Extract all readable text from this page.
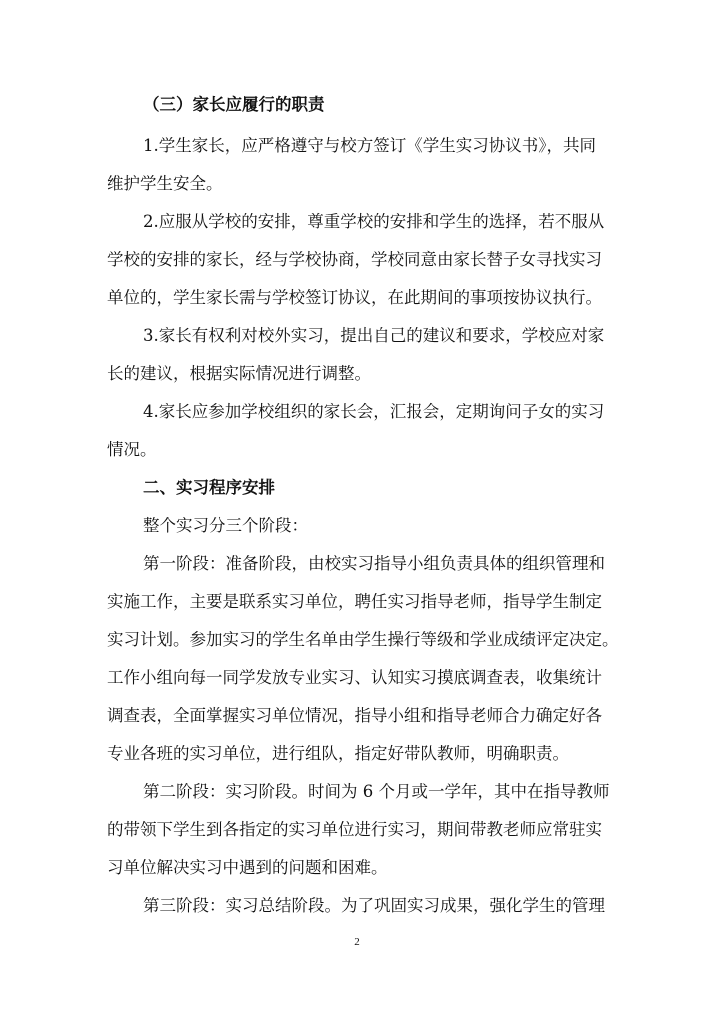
（三）家长应履行的职责
1.学生家长，应严格遵守与校方签订《学生实习协议书》，共同
维护学生安全。
2.应服从学校的安排，尊重学校的安排和学生的选择，若不服从
学校的安排的家长，经与学校协商，学校同意由家长替子女寻找实习
单位的，学生家长需与学校签订协议，在此期间的事项按协议执行。
3.家长有权利对校外实习，提出自己的建议和要求，学校应对家
长的建议，根据实际情况进行调整。
4.家长应参加学校组织的家长会，汇报会，定期询问子女的实习
情况。
二、实习程序安排
整个实习分三个阶段：
第一阶段：准备阶段，由校实习指导小组负责具体的组织管理和
实施工作，主要是联系实习单位，聘任实习指导老师，指导学生制定
实习计划。参加实习的学生名单由学生操行等级和学业成绩评定决定。
工作小组向每一同学发放专业实习、认知实习摸底调查表，收集统计
调查表，全面掌握实习单位情况，指导小组和指导老师合力确定好各
专业各班的实习单位，进行组队，指定好带队教师，明确职责。
第二阶段：实习阶段。时间为 6 个月或一学年，其中在指导教师
的带领下学生到各指定的实习单位进行实习，期间带教老师应常驻实
习单位解决实习中遇到的问题和困难。
第三阶段：实习总结阶段。为了巩固实习成果，强化学生的管理
2
